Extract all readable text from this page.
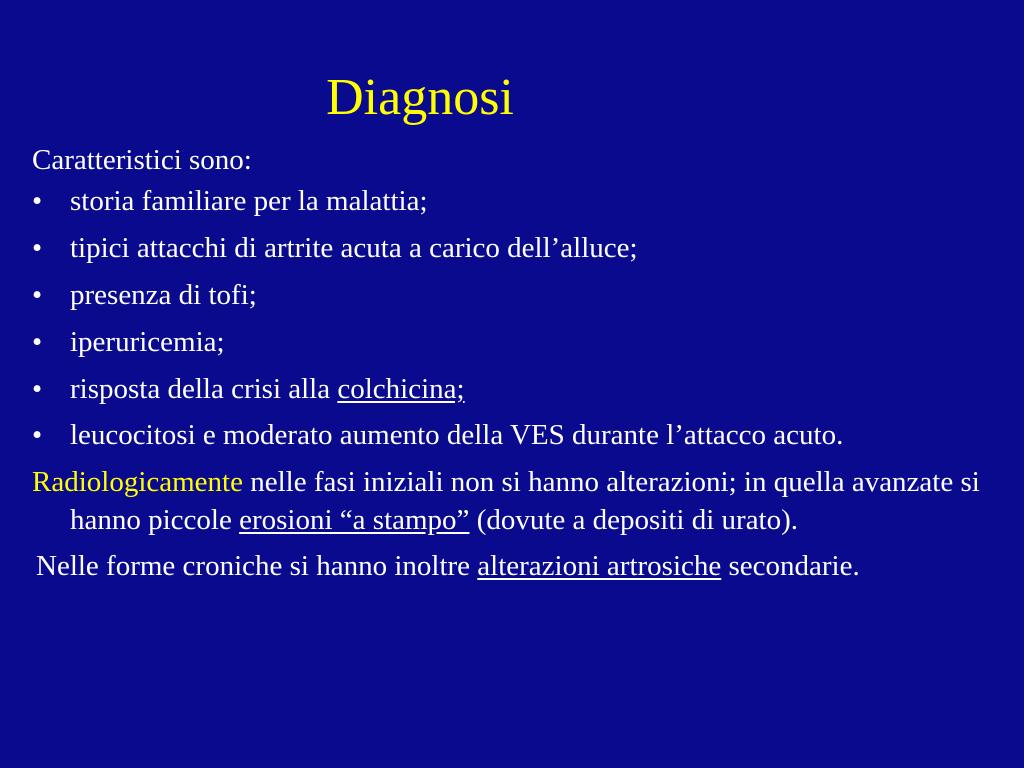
Diagnosi
Caratteristici sono:
• storia familiare per la malattia;
• tipici attacchi di artrite acuta a carico dell’alluce;
• presenza di tofi;
• iperuricemia;
• risposta della crisi alla colchicina;
• leucocitosi e moderato aumento della VES durante l’attacco acuto.
Radiologicamente nelle fasi iniziali non si hanno alterazioni; in quella avanzate si hanno piccole erosioni “a stampo” (dovute a depositi di urato).
Nelle forme croniche si hanno inoltre alterazioni artrosiche secondarie.
